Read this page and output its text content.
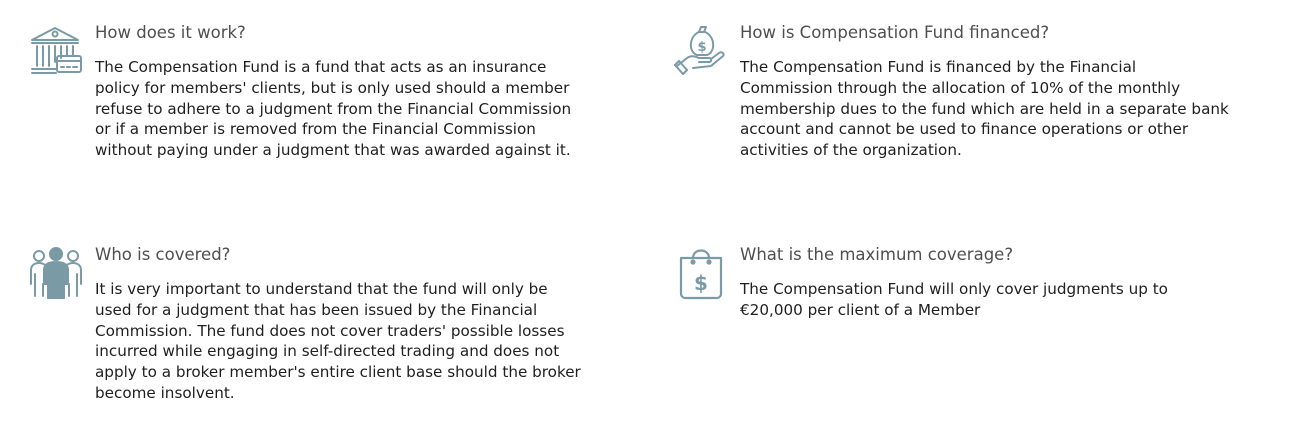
How does it work?

The Compensation Fund is a fund that acts as an insurance
policy for members' clients, but is only used should a member
refuse to adhere to a judgment from the Financial Commission
or if a member is removed from the Financial Commission
without paying under a judgment that was awarded against it.

$
How is Compensation Fund financed?

The Compensation Fund is financed by the Financial
Commission through the allocation of 10% of the monthly
membership dues to the fund which are held in a separate bank
account and cannot be used to finance operations or other
activities of the organization.

Who is covered?

It is very important to understand that the fund will only be
used for a judgment that has been issued by the Financial
Commission. The fund does not cover traders' possible losses
incurred while engaging in self-directed trading and does not
apply to a broker member's entire client base should the broker
become insolvent.

$
What is the maximum coverage?

The Compensation Fund will only cover judgments up to
€20,000 per client of a Member
